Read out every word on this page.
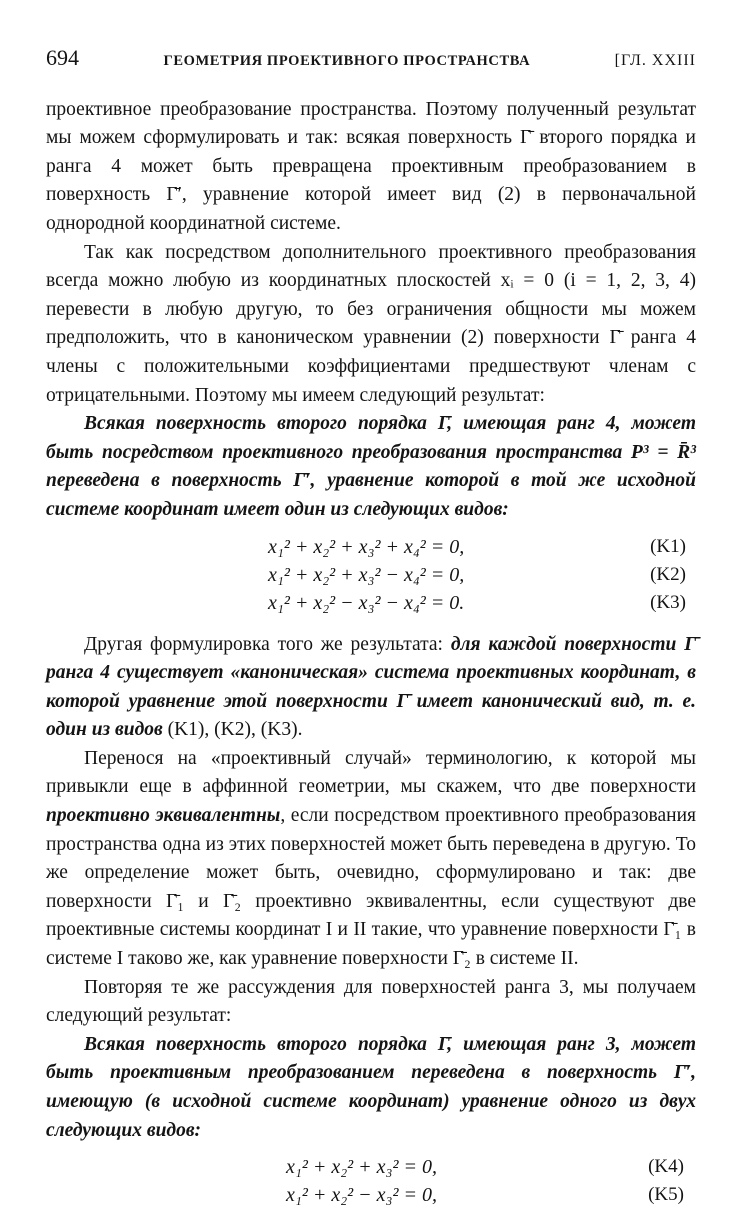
694	ГЕОМЕТРИЯ ПРОЕКТИВНОГО ПРОСТРАНСТВА	[ГЛ. XXIII

проективное преобразование пространства. Поэтому полученный результат мы можем сформулировать и так: всякая поверхность Γ̄ второго порядка и ранга 4 может быть превращена проективным преобразованием в поверхность Γ̄′, уравнение которой имеет вид (2) в первоначальной однородной координатной системе.

Так как посредством дополнительного проективного преобразования всегда можно любую из координатных плоскостей xᵢ = 0 (i = 1, 2, 3, 4) перевести в любую другую, то без ограничения общности мы можем предположить, что в каноническом уравнении (2) поверхности Γ̄ ранга 4 члены с положительными коэффициентами предшествуют членам с отрицательными. Поэтому мы имеем следующий результат:

Всякая поверхность второго порядка Γ̄, имеющая ранг 4, может быть посредством проективного преобразования пространства P³ = R̄³ переведена в поверхность Γ̄′, уравнение которой в той же исходной системе координат имеет один из следующих видов:

x₁² + x₂² + x₃² + x₄² = 0,	(K1)
x₁² + x₂² + x₃² − x₄² = 0,	(K2)
x₁² + x₂² − x₃² − x₄² = 0.	(K3)

Другая формулировка того же результата: для каждой поверхности Γ̄ ранга 4 существует «каноническая» система проективных координат, в которой уравнение этой поверхности Γ̄ имеет канонический вид, т. е. один из видов (K1), (K2), (K3).

Перенося на «проективный случай» терминологию, к которой мы привыкли еще в аффинной геометрии, мы скажем, что две поверхности проективно эквивалентны, если посредством проективного преобразования пространства одна из этих поверхностей может быть переведена в другую. То же определение может быть, очевидно, сформулировано и так: две поверхности Γ̄₁ и Γ̄₂ проективно эквивалентны, если существуют две проективные системы координат I и II такие, что уравнение поверхности Γ̄₁ в системе I таково же, как уравнение поверхности Γ̄₂ в системе II.

Повторяя те же рассуждения для поверхностей ранга 3, мы получаем следующий результат:

Всякая поверхность второго порядка Γ̄, имеющая ранг 3, может быть проективным преобразованием переведена в поверхность Γ̄′, имеющую (в исходной системе координат) уравнение одного из двух следующих видов:

x₁² + x₂² + x₃² = 0,	(K4)
x₁² + x₂² − x₃² = 0,	(K5)
